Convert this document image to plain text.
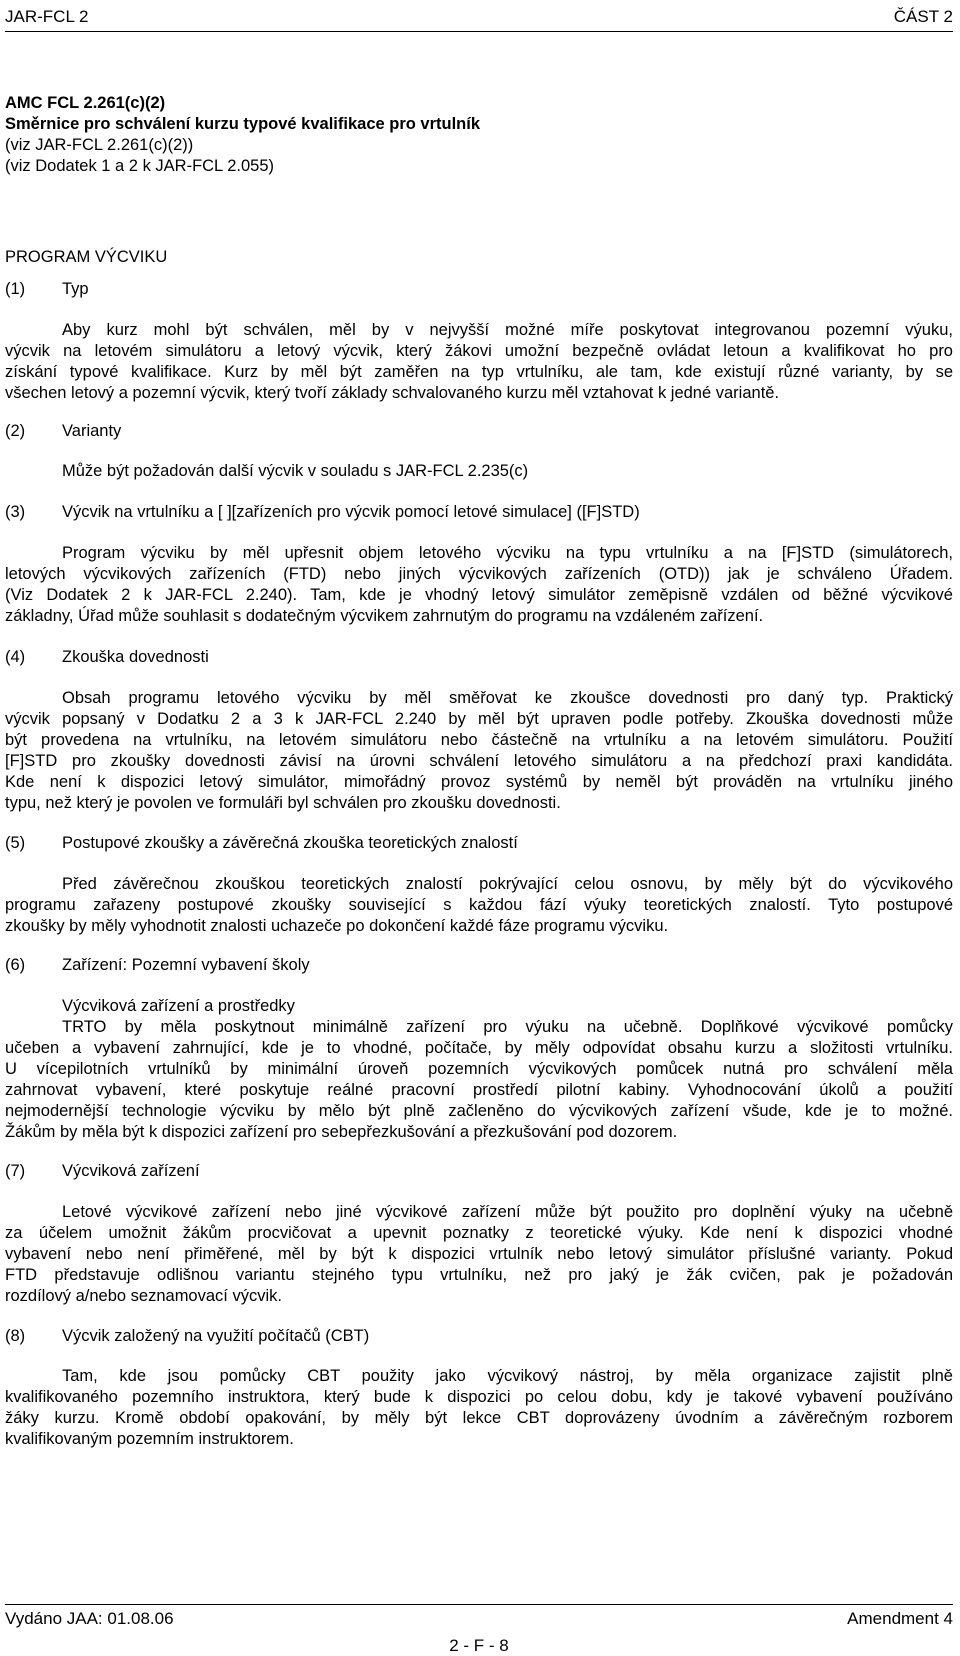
JAR-FCL 2	ČÁST 2
AMC FCL 2.261(c)(2)
Směrnice pro schválení kurzu typové kvalifikace pro vrtulník
(viz JAR-FCL 2.261(c)(2))
(viz Dodatek 1 a 2 k JAR-FCL 2.055)
PROGRAM VÝCVIKU
(1) Typ
Aby kurz mohl být schválen, měl by v nejvyšší možné míře poskytovat integrovanou pozemní výuku,
výcvik na letovém simulátoru a letový výcvik, který žákovi umožní bezpečně ovládat letoun a kvalifikovat ho pro
získání typové kvalifikace. Kurz by měl být zaměřen na typ vrtulníku, ale tam, kde existují různé varianty, by se
všechen letový a pozemní výcvik, který tvoří základy schvalovaného kurzu měl vztahovat k jedné variantě.
(2) Varianty
Může být požadován další výcvik v souladu s JAR-FCL 2.235(c)
(3) Výcvik na vrtulníku a [ ][zařízeních pro výcvik pomocí letové simulace] ([F]STD)
Program výcviku by měl upřesnit objem letového výcviku na typu vrtulníku a na [F]STD (simulátorech,
letových výcvikových zařízeních (FTD) nebo jiných výcvikových zařízeních (OTD)) jak je schváleno Úřadem.
(Viz Dodatek 2 k JAR-FCL 2.240). Tam, kde je vhodný letový simulátor zeměpisně vzdálen od běžné výcvikové
základny, Úřad může souhlasit s dodatečným výcvikem zahrnutým do programu na vzdáleném zařízení.
(4) Zkouška dovednosti
Obsah programu letového výcviku by měl směřovat ke zkoušce dovednosti pro daný typ. Praktický
výcvik popsaný v Dodatku 2 a 3 k JAR-FCL 2.240 by měl být upraven podle potřeby. Zkouška dovednosti může
být provedena na vrtulníku, na letovém simulátoru nebo částečně na vrtulníku a na letovém simulátoru. Použití
[F]STD pro zkoušky dovednosti závisí na úrovni schválení letového simulátoru a na předchozí praxi kandidáta.
Kde není k dispozici letový simulátor, mimořádný provoz systémů by neměl být prováděn na vrtulníku jiného
typu, než který je povolen ve formuláři byl schválen pro zkoušku dovednosti.
(5) Postupové zkoušky a závěrečná zkouška teoretických znalostí
Před závěrečnou zkouškou teoretických znalostí pokrývající celou osnovu, by měly být do výcvikového
programu zařazeny postupové zkoušky související s každou fází výuky teoretických znalostí. Tyto postupové
zkoušky by měly vyhodnotit znalosti uchazeče po dokončení každé fáze programu výcviku.
(6) Zařízení: Pozemní vybavení školy
Výcviková zařízení a prostředky
TRTO by měla poskytnout minimálně zařízení pro výuku na učebně. Doplňkové výcvikové pomůcky
učeben a vybavení zahrnující, kde je to vhodné, počítače, by měly odpovídat obsahu kurzu a složitosti vrtulníku.
U vícepilotních vrtulníků by minimální úroveň pozemních výcvikových pomůcek nutná pro schválení měla
zahrnovat vybavení, které poskytuje reálné pracovní prostředí pilotní kabiny. Vyhodnocování úkolů a použití
nejmodernější technologie výcviku by mělo být plně začleněno do výcvikových zařízení všude, kde je to možné.
Žákům by měla být k dispozici zařízení pro sebepřezkušování a přezkušování pod dozorem.
(7) Výcviková zařízení
Letové výcvikové zařízení nebo jiné výcvikové zařízení může být použito pro doplnění výuky na učebně
za účelem umožnit žákům procvičovat a upevnit poznatky z teoretické výuky. Kde není k dispozici vhodné
vybavení nebo není přiměřené, měl by být k dispozici vrtulník nebo letový simulátor příslušné varianty. Pokud
FTD představuje odlišnou variantu stejného typu vrtulníku, než pro jaký je žák cvičen, pak je požadován
rozdílový a/nebo seznamovací výcvik.
(8) Výcvik založený na využití počítačů (CBT)
Tam, kde jsou pomůcky CBT použity jako výcvikový nástroj, by měla organizace zajistit plně
kvalifikovaného pozemního instruktora, který bude k dispozici po celou dobu, kdy je takové vybavení používáno
žáky kurzu. Kromě období opakování, by měly být lekce CBT doprovázeny úvodním a závěrečným rozborem
kvalifikovaným pozemním instruktorem.
Vydáno JAA: 01.08.06	Amendment 4
2 - F - 8
